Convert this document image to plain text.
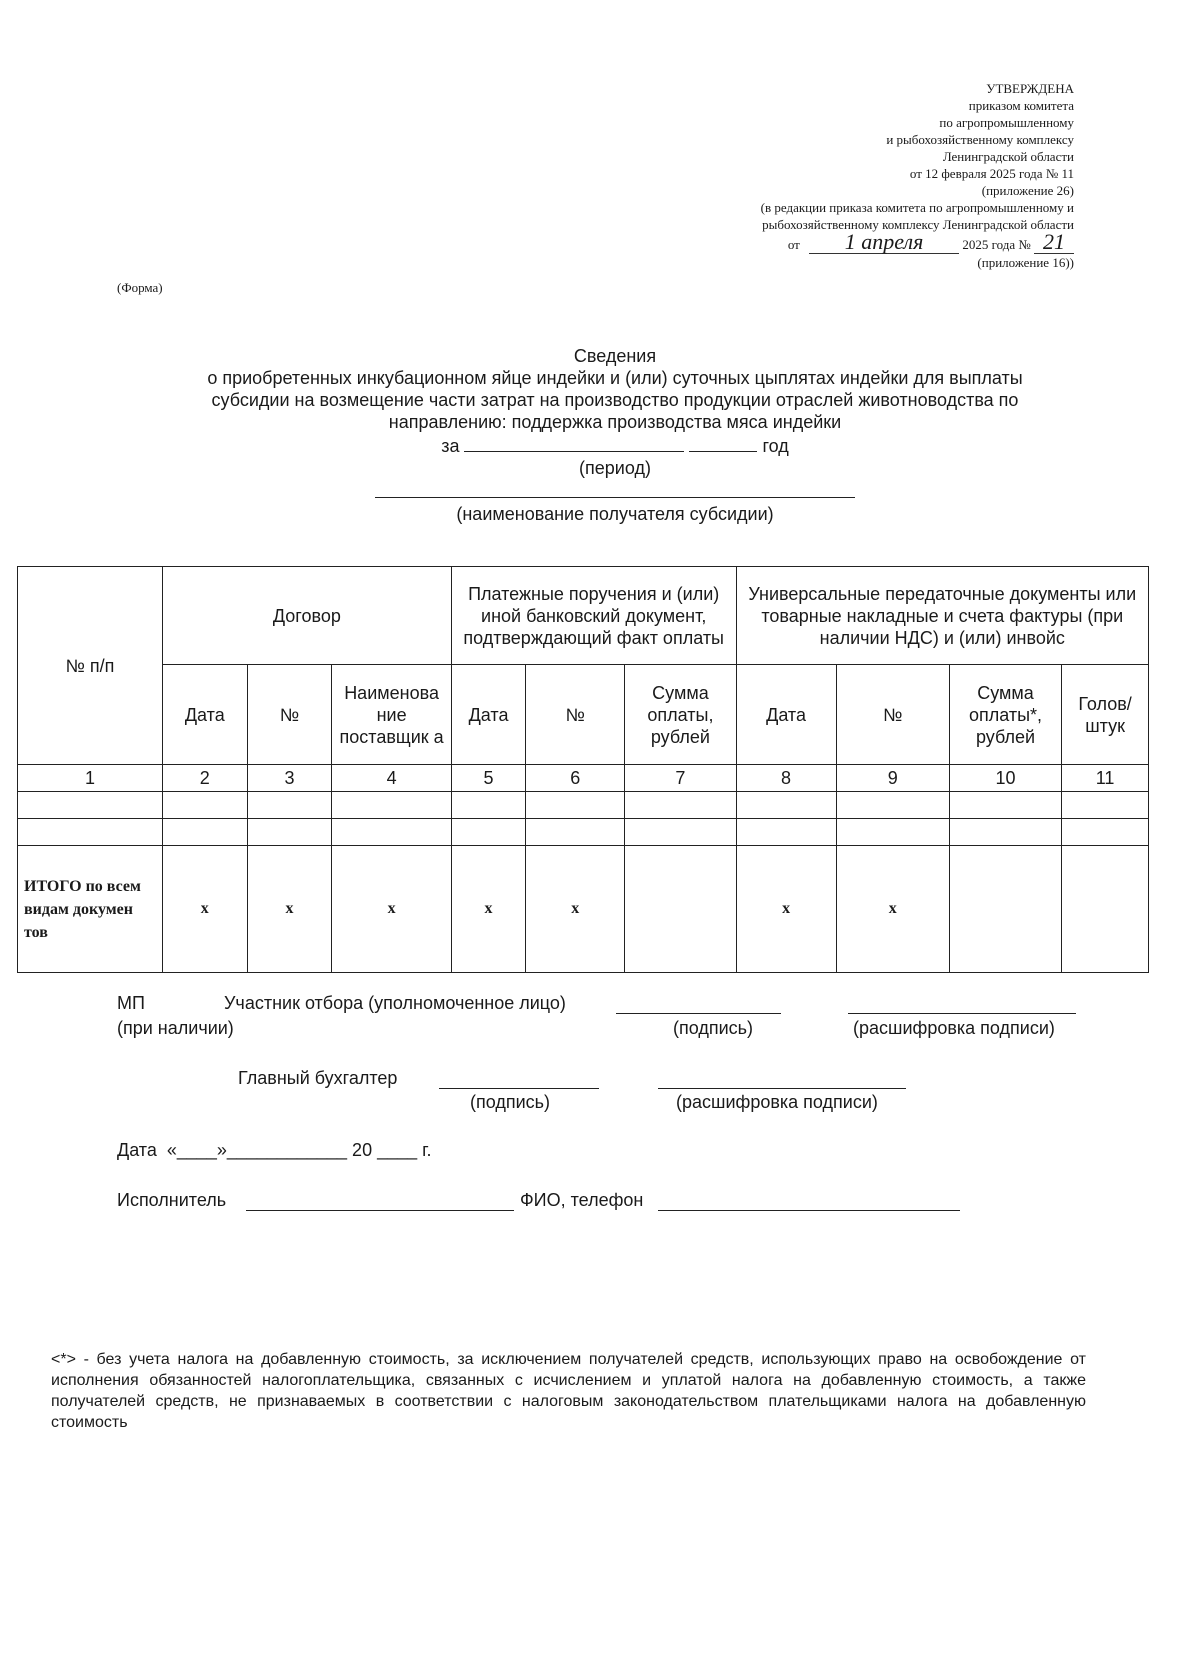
УТВЕРЖДЕНА
приказом комитета
по агропромышленному
и рыбохозяйственному комплексу
Ленинградской области
от 12 февраля 2025 года № 11
(приложение 26)
(в редакции приказа комитета по агропромышленному и
рыбохозяйственному комплексу Ленинградской области
от 1 апреля	2025 года № 21
(приложение 16))
(Форма)
Сведения
о приобретенных инкубационном яйце индейки и (или) суточных цыплятах индейки для выплаты
субсидии на возмещение части затрат на производство продукции отраслей животноводства по
направлению: поддержка производства мяса индейки
за	год
(период)
(наименование получателя субсидии)
№ п/п	Договор			Платежные поручения и (или) иной банковский документ, подтверждающий факт оплаты			Универсальные передаточные документы или товарные накладные и счета фактуры (при наличии НДС) и (или) инвойс			
	Дата	№	Наименова ние поставщик а	Дата	№	Сумма оплаты, рублей	Дата	№	Сумма оплаты*, рублей	Голов/ штук
1	2	3	4	5	6	7	8	9	10	11

ИТОГО по всем видам докумен тов	x	x	x	x	x		x	x		
МП	Участник отбора (уполномоченное лицо)
(при наличии)	(подпись)	(расшифровка подписи)
Главный бухгалтер
(подпись)	(расшифровка подписи)
Дата  «____»____________ 20 ____ г.
Исполнитель	ФИО, телефон
<*> - без учета налога на добавленную стоимость, за исключением получателей средств, использующих право на освобождение от исполнения обязанностей налогоплательщика, связанных с исчислением и уплатой налога на добавленную стоимость, а также получателей средств, не признаваемых в соответствии с налоговым законодательством плательщиками налога на добавленную стоимость
